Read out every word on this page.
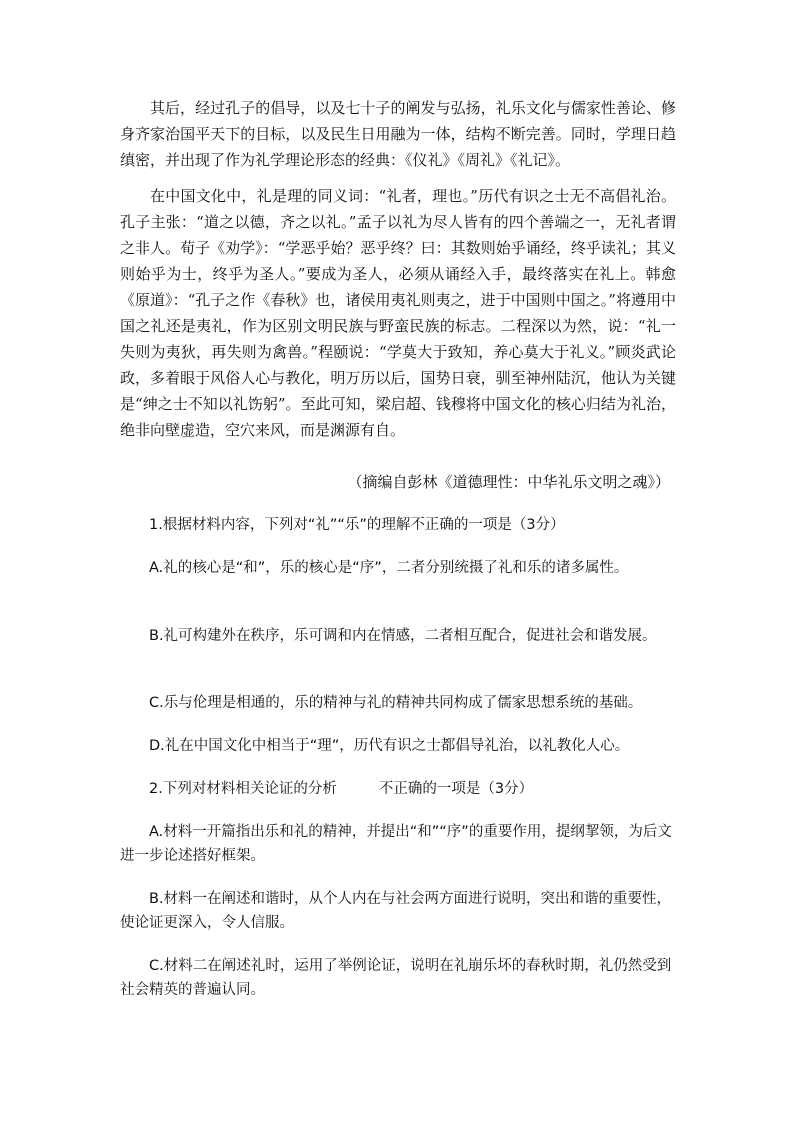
其后，经过孔子的倡导，以及七十子的阐发与弘扬，礼乐文化与儒家性善论、修身齐家治国平天下的目标，以及民生日用融为一体，结构不断完善。同时，学理日趋缜密，并出现了作为礼学理论形态的经典：《仪礼》《周礼》《礼记》。

在中国文化中，礼是理的同义词：“礼者，理也。”历代有识之士无不高倡礼治。孔子主张：“道之以德，齐之以礼。”孟子以礼为尽人皆有的四个善端之一，无礼者谓之非人。荀子《劝学》：“学恶乎始？恶乎终？曰：其数则始乎诵经，终乎读礼；其义则始乎为士，终乎为圣人。”要成为圣人，必须从诵经入手，最终落实在礼上。韩愈《原道》：“孔子之作《春秋》也，诸侯用夷礼则夷之，进于中国则中国之。”将遵用中国之礼还是夷礼，作为区别文明民族与野蛮民族的标志。二程深以为然，说：“礼一失则为夷狄，再失则为禽兽。”程颐说：“学莫大于致知，养心莫大于礼义。”顾炎武论政，多着眼于风俗人心与教化，明万历以后，国势日衰，驯至神州陆沉，他认为关键是“绅之士不知以礼饬躬”。至此可知，梁启超、钱穆将中国文化的核心归结为礼治，绝非向壁虚造，空穴来风，而是渊源有自。

（摘编自彭林《道德理性：中华礼乐文明之魂》）

1.根据材料内容，下列对“礼”“乐”的理解不正确的一项是（3分）

A.礼的核心是“和”，乐的核心是“序”，二者分别统摄了礼和乐的诸多属性。

B.礼可构建外在秩序，乐可调和内在情感，二者相互配合，促进社会和谐发展。

C.乐与伦理是相通的，乐的精神与礼的精神共同构成了儒家思想系统的基础。

D.礼在中国文化中相当于“理”，历代有识之士都倡导礼治，以礼教化人心。

2.下列对材料相关论证的分析	不正确的一项是（3分）

A.材料一开篇指出乐和礼的精神，并提出“和”“序”的重要作用，提纲挈领，为后文进一步论述搭好框架。

B.材料一在阐述和谐时，从个人内在与社会两方面进行说明，突出和谐的重要性，使论证更深入，令人信服。

C.材料二在阐述礼时，运用了举例论证，说明在礼崩乐坏的春秋时期，礼仍然受到社会精英的普遍认同。
